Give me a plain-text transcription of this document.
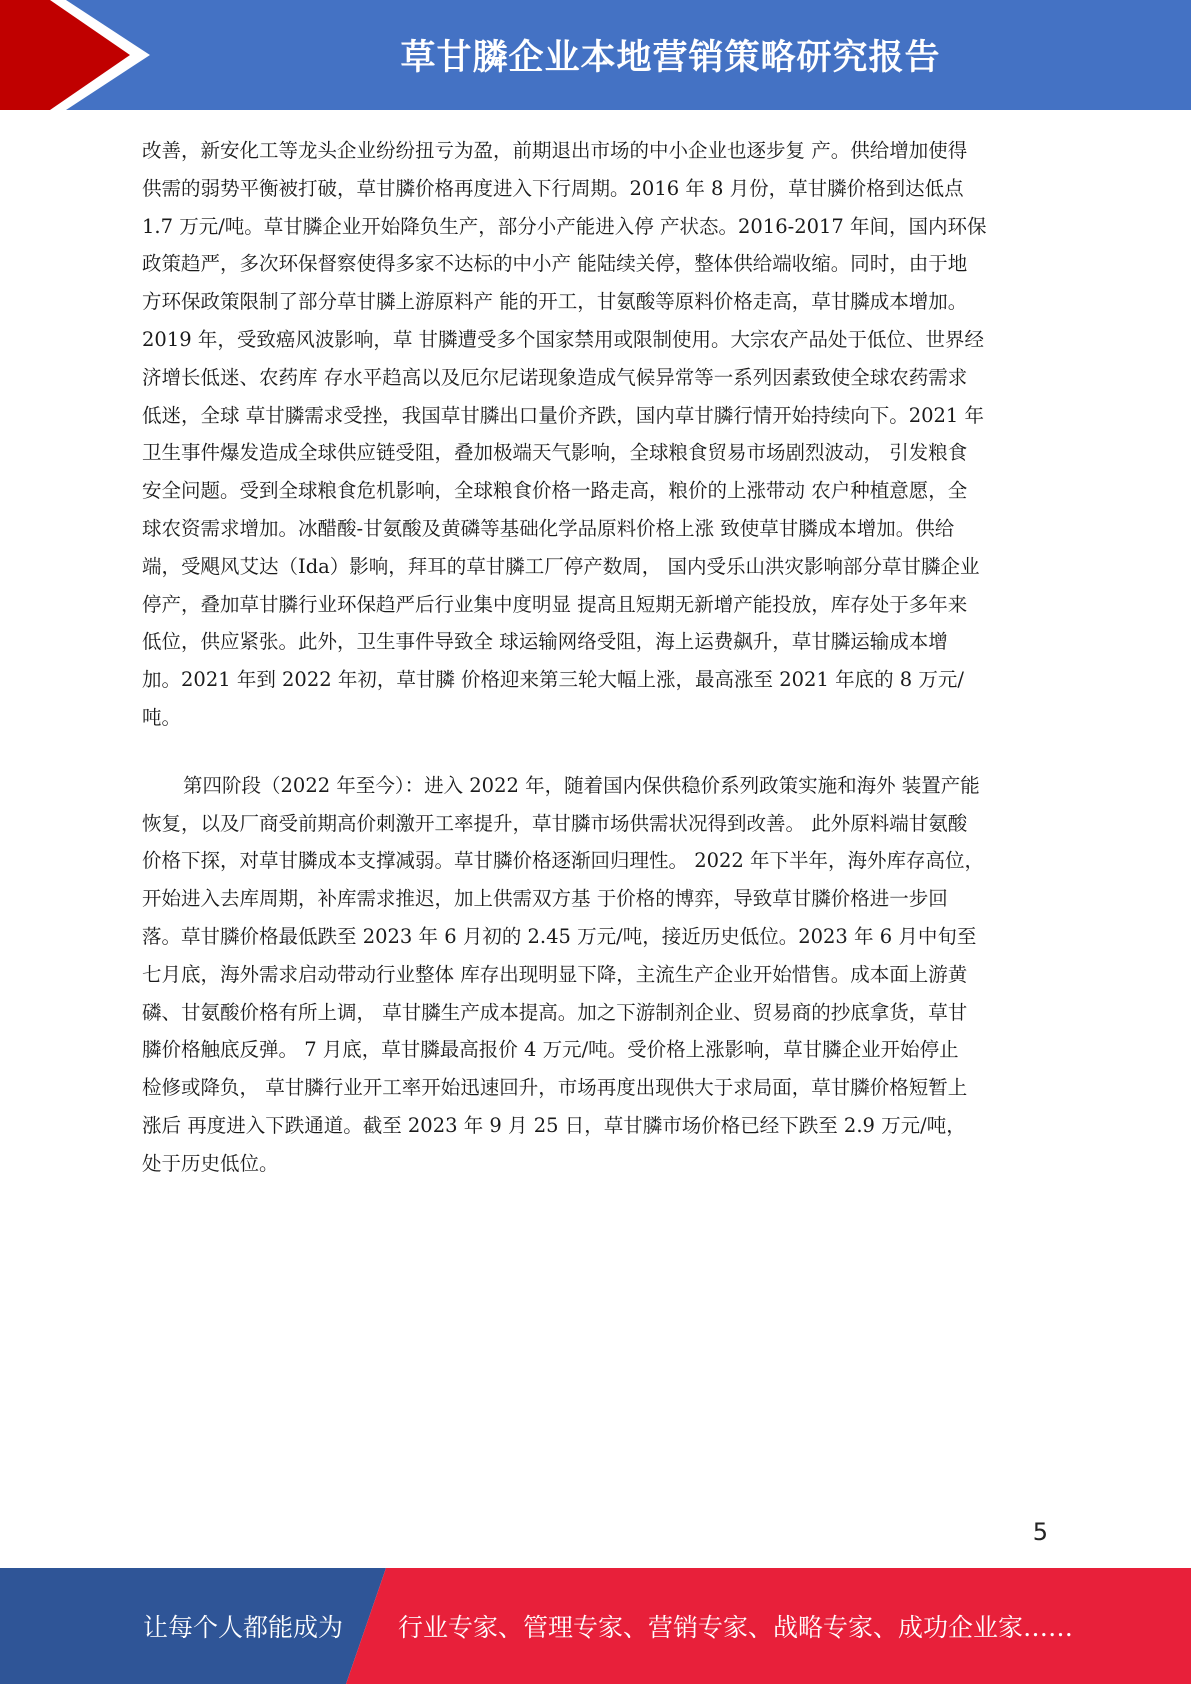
草甘膦企业本地营销策略研究报告

改善，新安化工等龙头企业纷纷扭亏为盈，前期退出市场的中小企业也逐步复 产。供给增加使得
供需的弱势平衡被打破，草甘膦价格再度进入下行周期。2016 年 8 月份，草甘膦价格到达低点
1.7 万元/吨。草甘膦企业开始降负生产，部分小产能进入停 产状态。2016-2017 年间，国内环保
政策趋严，多次环保督察使得多家不达标的中小产 能陆续关停，整体供给端收缩。同时，由于地
方环保政策限制了部分草甘膦上游原料产 能的开工，甘氨酸等原料价格走高，草甘膦成本增加。
2019 年，受致癌风波影响，草 甘膦遭受多个国家禁用或限制使用。大宗农产品处于低位、世界经
济增长低迷、农药库 存水平趋高以及厄尔尼诺现象造成气候异常等一系列因素致使全球农药需求
低迷，全球 草甘膦需求受挫，我国草甘膦出口量价齐跌，国内草甘膦行情开始持续向下。2021 年
卫生事件爆发造成全球供应链受阻，叠加极端天气影响，全球粮食贸易市场剧烈波动， 引发粮食
安全问题。受到全球粮食危机影响，全球粮食价格一路走高，粮价的上涨带动 农户种植意愿，全
球农资需求增加。冰醋酸-甘氨酸及黄磷等基础化学品原料价格上涨 致使草甘膦成本增加。供给
端，受飓风艾达（Ida）影响，拜耳的草甘膦工厂停产数周， 国内受乐山洪灾影响部分草甘膦企业
停产，叠加草甘膦行业环保趋严后行业集中度明显 提高且短期无新增产能投放，库存处于多年来
低位，供应紧张。此外，卫生事件导致全 球运输网络受阻，海上运费飙升，草甘膦运输成本增
加。2021 年到 2022 年初，草甘膦 价格迎来第三轮大幅上涨，最高涨至 2021 年底的 8 万元/
吨。

第四阶段（2022 年至今）：进入 2022 年，随着国内保供稳价系列政策实施和海外 装置产能
恢复，以及厂商受前期高价刺激开工率提升，草甘膦市场供需状况得到改善。 此外原料端甘氨酸
价格下探，对草甘膦成本支撑减弱。草甘膦价格逐渐回归理性。 2022 年下半年，海外库存高位，
开始进入去库周期，补库需求推迟，加上供需双方基 于价格的博弈，导致草甘膦价格进一步回
落。草甘膦价格最低跌至 2023 年 6 月初的 2.45 万元/吨，接近历史低位。2023 年 6 月中旬至
七月底，海外需求启动带动行业整体 库存出现明显下降，主流生产企业开始惜售。成本面上游黄
磷、甘氨酸价格有所上调， 草甘膦生产成本提高。加之下游制剂企业、贸易商的抄底拿货，草甘
膦价格触底反弹。 7 月底，草甘膦最高报价 4 万元/吨。受价格上涨影响，草甘膦企业开始停止
检修或降负， 草甘膦行业开工率开始迅速回升，市场再度出现供大于求局面，草甘膦价格短暂上
涨后 再度进入下跌通道。截至 2023 年 9 月 25 日，草甘膦市场价格已经下跌至 2.9 万元/吨，
处于历史低位。

5
让每个人都能成为 行业专家、管理专家、营销专家、战略专家、成功企业家……
